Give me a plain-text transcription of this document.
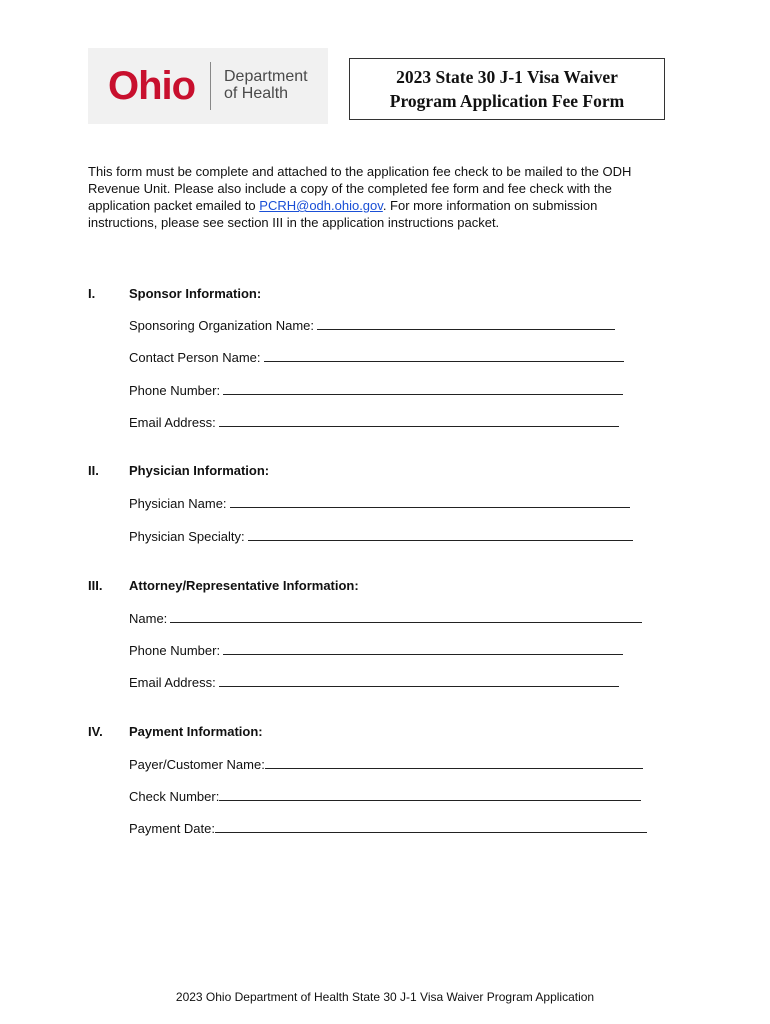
Ohio Department
of Health
2023 State 30 J-1 Visa Waiver
Program Application Fee Form
This form must be complete and attached to the application fee check to be mailed to the ODH Revenue Unit. Please also include a copy of the completed fee form and fee check with the application packet emailed to PCRH@odh.ohio.gov. For more information on submission instructions, please see section III in the application instructions packet.
I.	Sponsor Information:
Sponsoring Organization Name:
Contact Person Name:
Phone Number:
Email Address:
II. Physician Information:
Physician Name:
Physician Specialty:
III. Attorney/Representative Information:
Name:
Phone Number:
Email Address:
IV. Payment Information:
Payer/Customer Name:
Check Number:
Payment Date:
2023 Ohio Department of Health State 30 J-1 Visa Waiver Program Application
